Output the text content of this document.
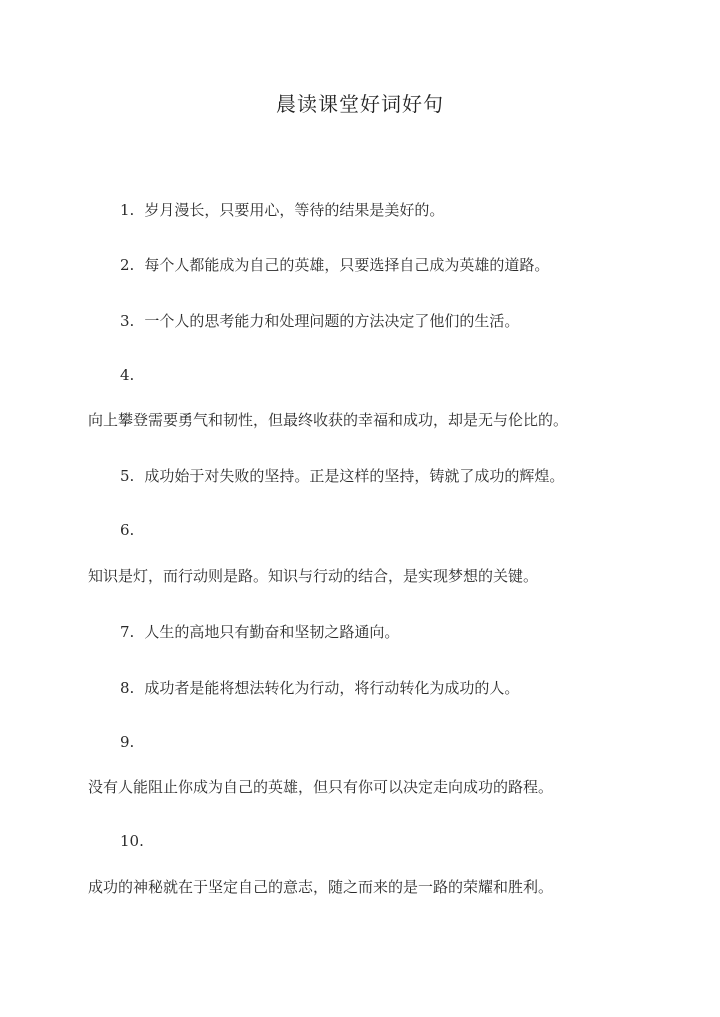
晨读课堂好词好句
1. 岁月漫长，只要用心，等待的结果是美好的。
2. 每个人都能成为自己的英雄，只要选择自己成为英雄的道路。
3. 一个人的思考能力和处理问题的方法决定了他们的生活。
4.
向上攀登需要勇气和韧性，但最终收获的幸福和成功，却是无与伦比的。
5. 成功始于对失败的坚持。正是这样的坚持，铸就了成功的辉煌。
6.
知识是灯，而行动则是路。知识与行动的结合，是实现梦想的关键。
7. 人生的高地只有勤奋和坚韧之路通向。
8. 成功者是能将想法转化为行动，将行动转化为成功的人。
9.
没有人能阻止你成为自己的英雄，但只有你可以决定走向成功的路程。
10.
成功的神秘就在于坚定自己的意志，随之而来的是一路的荣耀和胜利。
